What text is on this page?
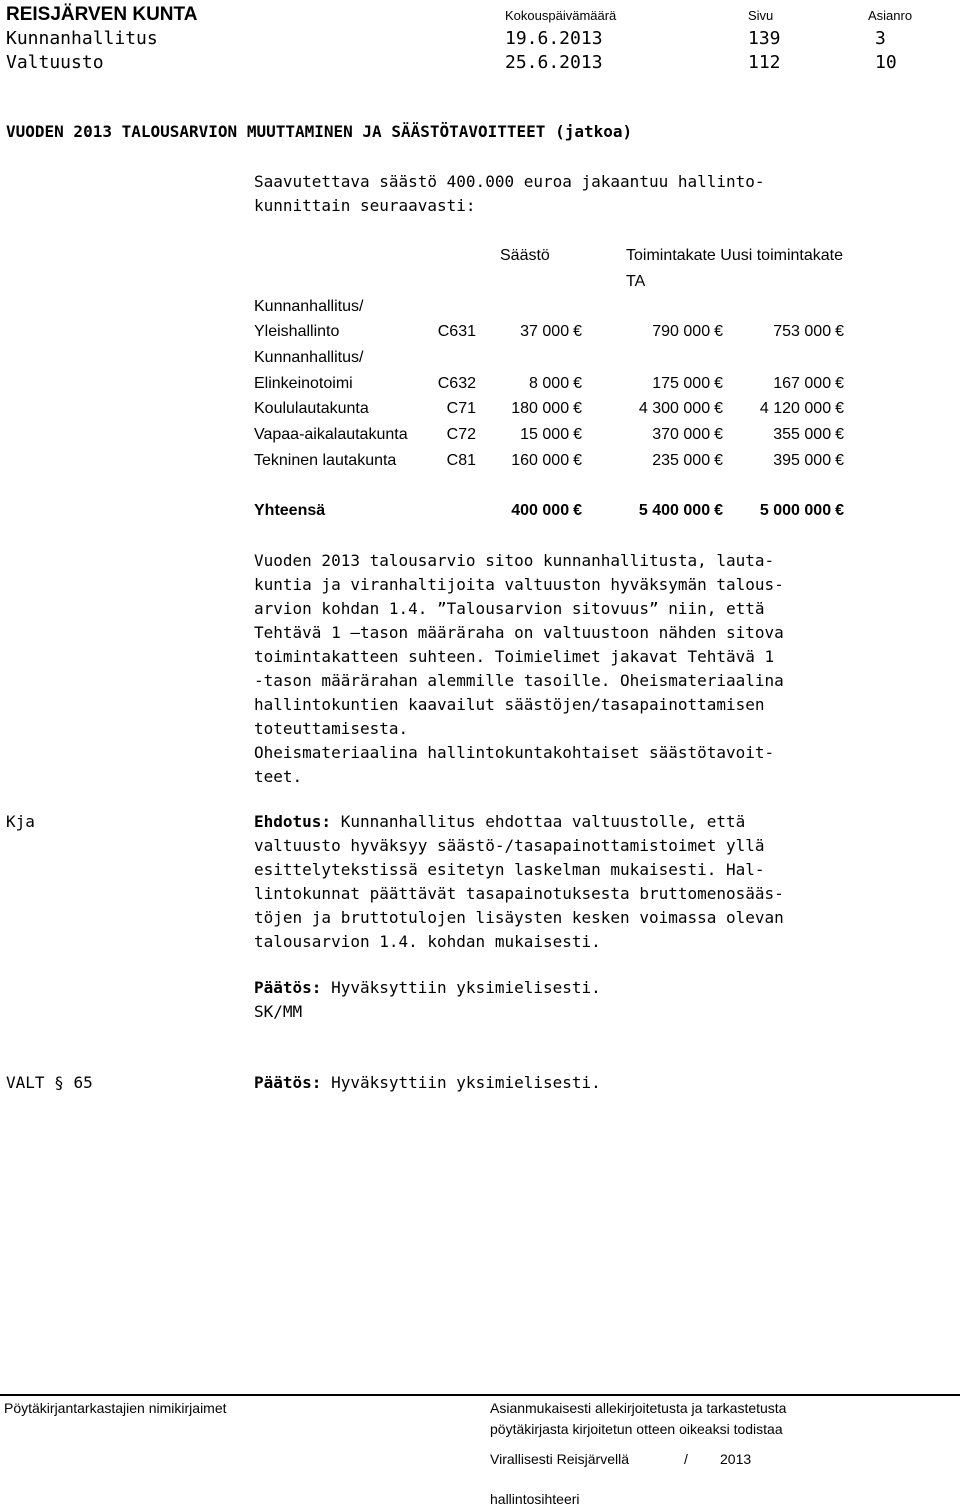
REISJÄRVEN KUNTA	Kokouspäivämäärä	Sivu	Asianro
Kunnanhallitus	19.6.2013	139	3
Valtuusto	25.6.2013	112	10
VUODEN 2013 TALOUSARVION MUUTTAMINEN JA SÄÄSTÖTAVOITTEET (jatkoa)
Saavutettava säästö 400.000 euroa jakaantuu hallinto-
kunnittain seuraavasti:
Säästö	Toimintakate Uusi toimintakate
TA
Kunnanhallitus/
Yleishallinto	C631	37 000 €	790 000 €	753 000 €
Kunnanhallitus/
Elinkeinotoimi	C632	8 000 €	175 000 €	167 000 €
Koululautakunta	C71 180 000 €	4 300 000 €	4 120 000 €
Vapaa-aikalautakunta C72	15 000 €	370 000 €	355 000 €
Tekninen lautakunta	C81 160 000 €	235 000 €	395 000 €
Yhteensä	400 000 €	5 400 000 €	5 000 000 €
Vuoden 2013 talousarvio sitoo kunnanhallitusta, lauta-
kuntia ja viranhaltijoita valtuuston hyväksymän talous-
arvion kohdan 1.4. ”Talousarvion sitovuus” niin, että
Tehtävä 1 –tason määräraha on valtuustoon nähden sitova
toimintakatteen suhteen. Toimielimet jakavat Tehtävä 1
-tason määrärahan alemmille tasoille. Oheismateriaalina
hallintokuntien kaavailut säästöjen/tasapainottamisen
toteuttamisesta.
Oheismateriaalina hallintokuntakohtaiset säästötavoit-
teet.
Kja	Ehdotus: Kunnanhallitus ehdottaa valtuustolle, että
valtuusto hyväksyy säästö-/tasapainottamistoimet yllä
esittelytekstissä esitetyn laskelman mukaisesti. Hal-
lintokunnat päättävät tasapainotuksesta bruttomenosääs-
töjen ja bruttotulojen lisäysten kesken voimassa olevan
talousarvion 1.4. kohdan mukaisesti.
Päätös: Hyväksyttiin yksimielisesti.
SK/MM
VALT § 65	Päätös: Hyväksyttiin yksimielisesti.
Pöytäkirjantarkastajien nimikirjaimet	Asianmukaisesti allekirjoitetusta ja tarkastetusta
pöytäkirjasta kirjoitetun otteen oikeaksi todistaa
Virallisesti Reisjärvellä	/ 2013
hallintosihteeri
